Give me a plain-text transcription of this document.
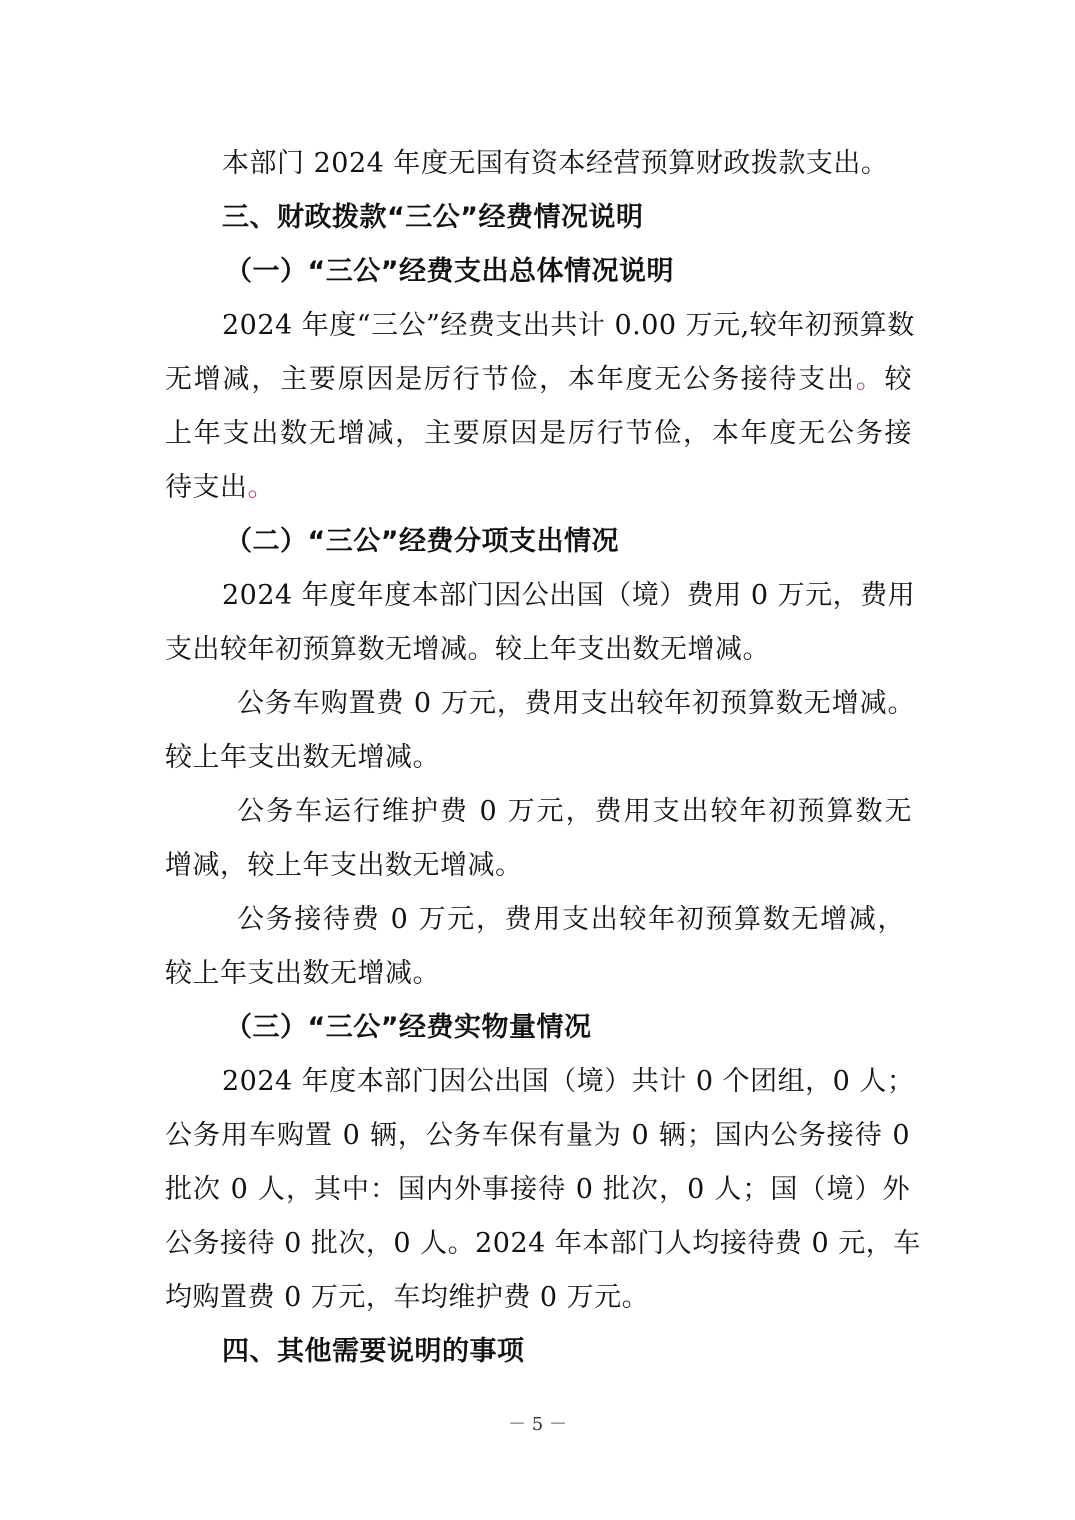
本部门 2024 年度无国有资本经营预算财政拨款支出。
三、财政拨款“三公”经费情况说明
（一）“三公”经费支出总体情况说明
2024 年度“三公”经费支出共计 0.00 万元,较年初预算数
无增减，主要原因是厉行节俭，本年度无公务接待支出。较
上年支出数无增减，主要原因是厉行节俭，本年度无公务接
待支出。
（二）“三公”经费分项支出情况
2024 年度年度本部门因公出国（境）费用 0 万元，费用
支出较年初预算数无增减。较上年支出数无增减。
公务车购置费 0 万元，费用支出较年初预算数无增减。
较上年支出数无增减。
公务车运行维护费 0 万元，费用支出较年初预算数无
增减，较上年支出数无增减。
公务接待费 0 万元，费用支出较年初预算数无增减，
较上年支出数无增减。
（三）“三公”经费实物量情况
2024 年度本部门因公出国（境）共计 0 个团组，0 人；
公务用车购置 0 辆，公务车保有量为 0 辆；国内公务接待 0
批次 0 人，其中：国内外事接待 0 批次，0 人；国（境）外
公务接待 0 批次，0 人。2024 年本部门人均接待费 0 元，车
均购置费 0 万元，车均维护费 0 万元。
四、其他需要说明的事项
－ 5 －
